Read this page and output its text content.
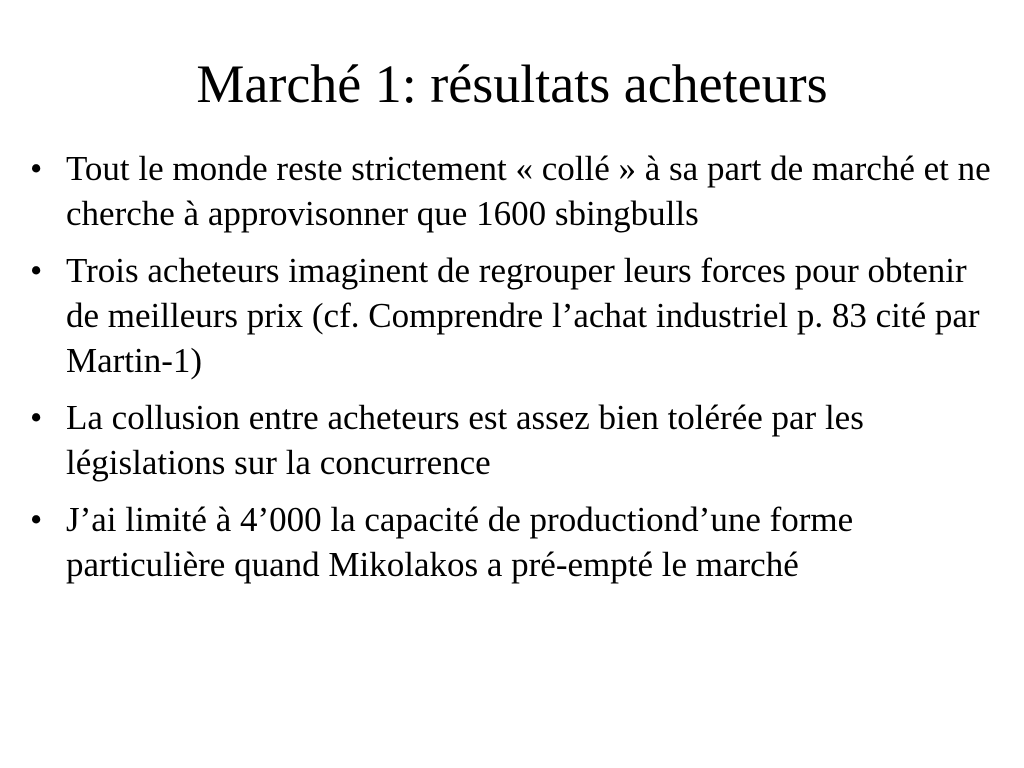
Marché 1: résultats acheteurs
• Tout le monde reste strictement « collé » à sa part de marché et ne cherche à approvisonner que 1600 sbingbulls
• Trois acheteurs imaginent de regrouper leurs forces pour obtenir de meilleurs prix (cf. Comprendre l’achat industriel p. 83 cité par Martin-1)
• La collusion entre acheteurs est assez bien tolérée par les législations sur la concurrence
• J’ai limité à 4’000 la capacité de productiond’une forme particulière quand Mikolakos a pré-empté le marché
